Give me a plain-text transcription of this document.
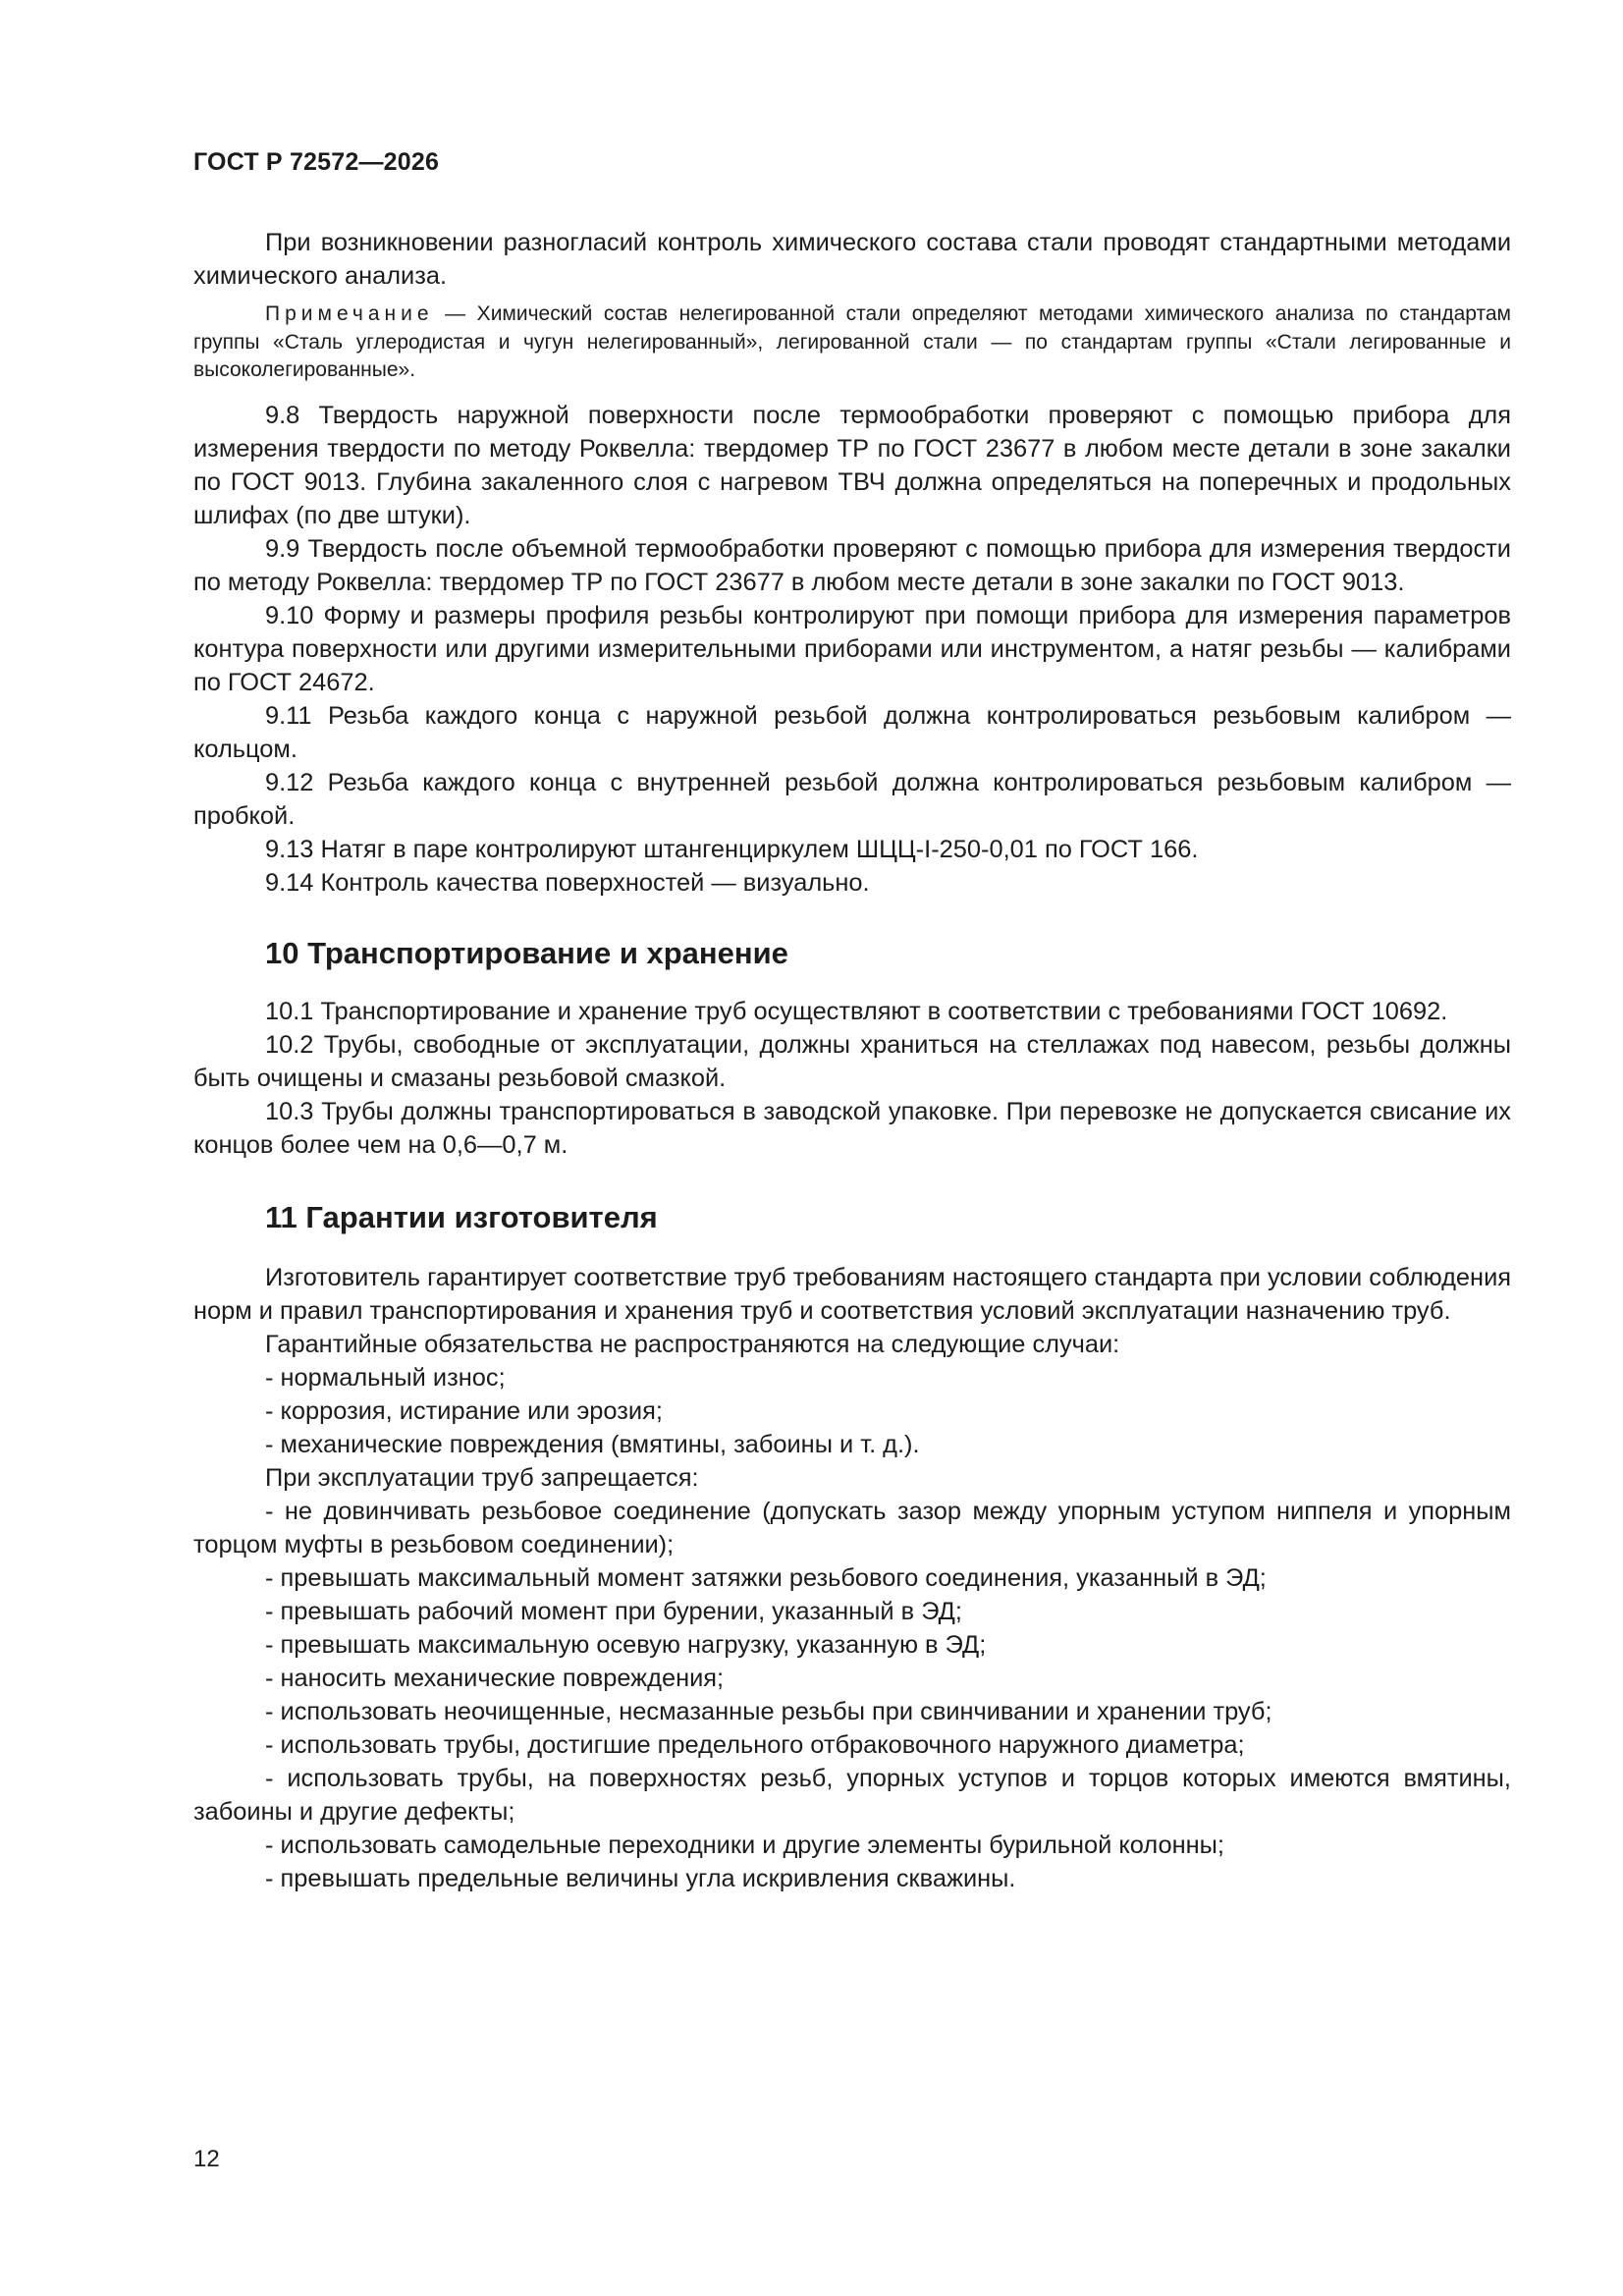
ГОСТ Р 72572—2026

При возникновении разногласий контроль химического состава стали проводят стандартными методами химического анализа.

Примечание — Химический состав нелегированной стали определяют методами химического анализа по стандартам группы «Сталь углеродистая и чугун нелегированный», легированной стали — по стандартам группы «Стали легированные и высоколегированные».

9.8 Твердость наружной поверхности после термообработки проверяют с помощью прибора для измерения твердости по методу Роквелла: твердомер ТР по ГОСТ 23677 в любом месте детали в зоне закалки по ГОСТ 9013. Глубина закаленного слоя с нагревом ТВЧ должна определяться на поперечных и продольных шлифах (по две штуки).

9.9 Твердость после объемной термообработки проверяют с помощью прибора для измерения твердости по методу Роквелла: твердомер ТР по ГОСТ 23677 в любом месте детали в зоне закалки по ГОСТ 9013.

9.10 Форму и размеры профиля резьбы контролируют при помощи прибора для измерения параметров контура поверхности или другими измерительными приборами или инструментом, а натяг резьбы — калибрами по ГОСТ 24672.

9.11 Резьба каждого конца с наружной резьбой должна контролироваться резьбовым калибром — кольцом.

9.12 Резьба каждого конца с внутренней резьбой должна контролироваться резьбовым калибром — пробкой.

9.13 Натяг в паре контролируют штангенциркулем ШЦЦ-I-250-0,01 по ГОСТ 166.

9.14 Контроль качества поверхностей — визуально.

10 Транспортирование и хранение

10.1 Транспортирование и хранение труб осуществляют в соответствии с требованиями ГОСТ 10692.

10.2 Трубы, свободные от эксплуатации, должны храниться на стеллажах под навесом, резьбы должны быть очищены и смазаны резьбовой смазкой.

10.3 Трубы должны транспортироваться в заводской упаковке. При перевозке не допускается свисание их концов более чем на 0,6—0,7 м.

11 Гарантии изготовителя

Изготовитель гарантирует соответствие труб требованиям настоящего стандарта при условии соблюдения норм и правил транспортирования и хранения труб и соответствия условий эксплуатации назначению труб.

Гарантийные обязательства не распространяются на следующие случаи:

- нормальный износ;

- коррозия, истирание или эрозия;

- механические повреждения (вмятины, забоины и т. д.).

При эксплуатации труб запрещается:

- не довинчивать резьбовое соединение (допускать зазор между упорным уступом ниппеля и упорным торцом муфты в резьбовом соединении);

- превышать максимальный момент затяжки резьбового соединения, указанный в ЭД;

- превышать рабочий момент при бурении, указанный в ЭД;

- превышать максимальную осевую нагрузку, указанную в ЭД;

- наносить механические повреждения;

- использовать неочищенные, несмазанные резьбы при свинчивании и хранении труб;

- использовать трубы, достигшие предельного отбраковочного наружного диаметра;

- использовать трубы, на поверхностях резьб, упорных уступов и торцов которых имеются вмятины, забоины и другие дефекты;

- использовать самодельные переходники и другие элементы бурильной колонны;

- превышать предельные величины угла искривления скважины.

12
